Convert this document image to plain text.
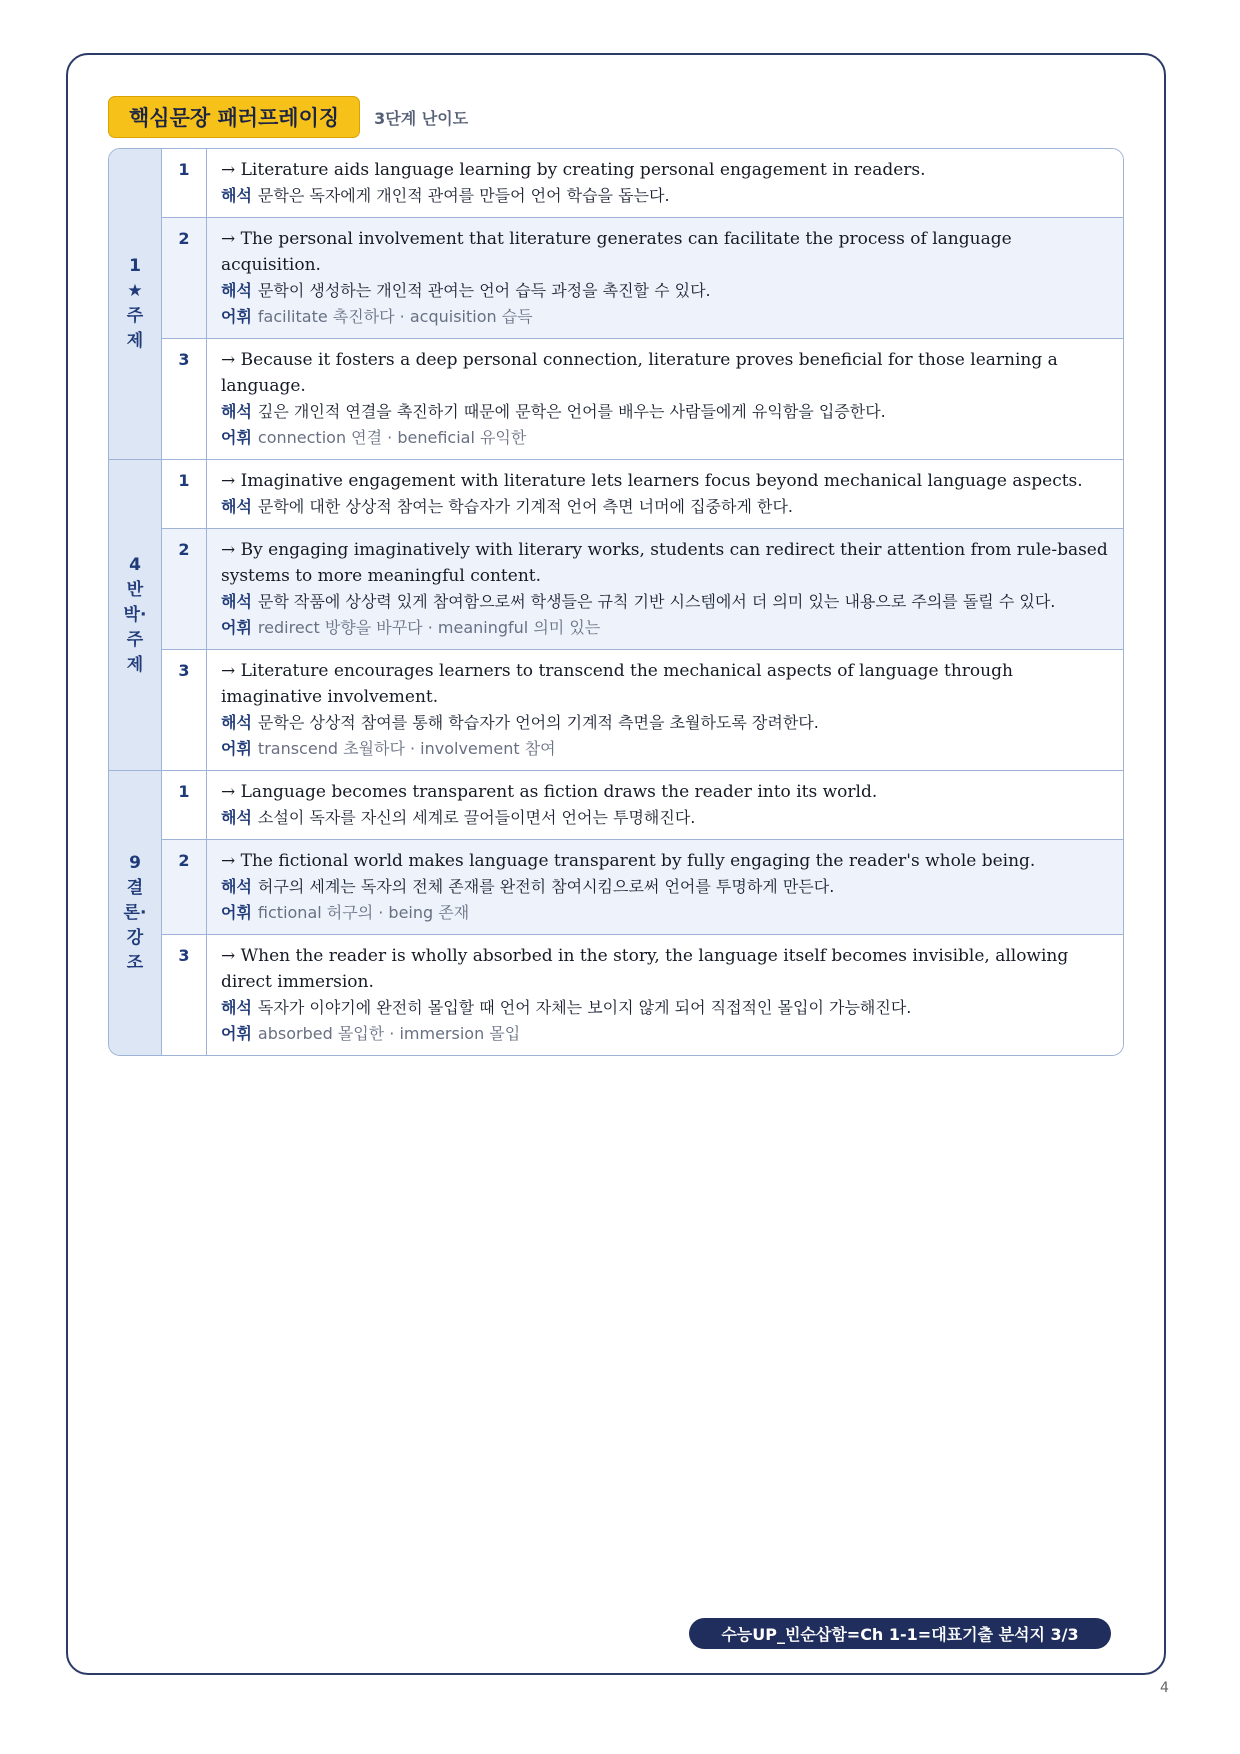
핵심문장 패러프레이징	3단계 난이도
1
★
주
제
1	→ Literature aids language learning by creating personal engagement in readers.
해석 문학은 독자에게 개인적 관여를 만들어 언어 학습을 돕는다.
2	→ The personal involvement that literature generates can facilitate the process of language acquisition.
해석 문학이 생성하는 개인적 관여는 언어 습득 과정을 촉진할 수 있다.
어휘 facilitate 촉진하다 · acquisition 습득
3	→ Because it fosters a deep personal connection, literature proves beneficial for those learning a language.
해석 깊은 개인적 연결을 촉진하기 때문에 문학은 언어를 배우는 사람들에게 유익함을 입증한다.
어휘 connection 연결 · beneficial 유익한
4
반
박·
주
제
1	→ Imaginative engagement with literature lets learners focus beyond mechanical language aspects.
해석 문학에 대한 상상적 참여는 학습자가 기계적 언어 측면 너머에 집중하게 한다.
2	→ By engaging imaginatively with literary works, students can redirect their attention from rule-based systems to more meaningful content.
해석 문학 작품에 상상력 있게 참여함으로써 학생들은 규칙 기반 시스템에서 더 의미 있는 내용으로 주의를 돌릴 수 있다.
어휘 redirect 방향을 바꾸다 · meaningful 의미 있는
3	→ Literature encourages learners to transcend the mechanical aspects of language through imaginative involvement.
해석 문학은 상상적 참여를 통해 학습자가 언어의 기계적 측면을 초월하도록 장려한다.
어휘 transcend 초월하다 · involvement 참여
9
결
론·
강
조
1	→ Language becomes transparent as fiction draws the reader into its world.
해석 소설이 독자를 자신의 세계로 끌어들이면서 언어는 투명해진다.
2	→ The fictional world makes language transparent by fully engaging the reader's whole being.
해석 허구의 세계는 독자의 전체 존재를 완전히 참여시킴으로써 언어를 투명하게 만든다.
어휘 fictional 허구의 · being 존재
3	→ When the reader is wholly absorbed in the story, the language itself becomes invisible, allowing direct immersion.
해석 독자가 이야기에 완전히 몰입할 때 언어 자체는 보이지 않게 되어 직접적인 몰입이 가능해진다.
어휘 absorbed 몰입한 · immersion 몰입
수능UP_빈순삽함=Ch 1-1=대표기출 분석지 3/3
4
